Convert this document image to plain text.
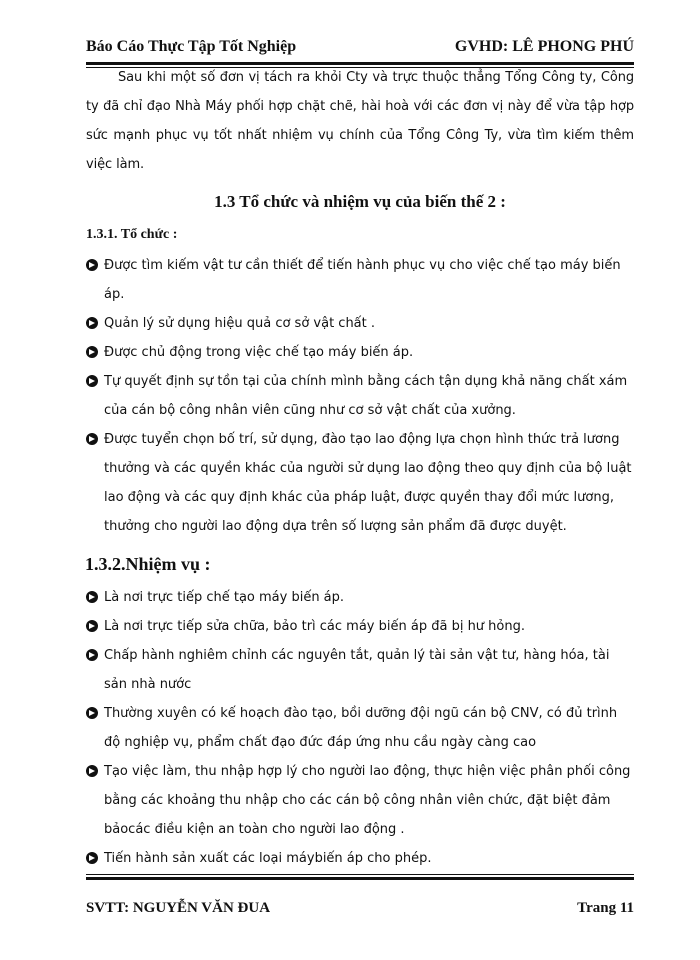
Báo Cáo Thực Tập Tốt Nghiệp	GVHD: LÊ PHONG PHÚ

Sau khi một số đơn vị tách ra khỏi Cty và trực thuộc thẳng Tổng Công ty, Công ty đã chỉ đạo Nhà Máy phối hợp chặt chẽ, hài hoà với các đơn vị này để vừa tập hợp sức mạnh phục vụ tốt nhất nhiệm vụ chính của Tổng Công Ty, vừa tìm kiếm thêm việc làm.

1.3 Tổ chức và nhiệm vụ của biến thế 2 :
1.3.1. Tổ chức :

Được tìm kiếm vật tư cần thiết để tiến hành phục vụ cho việc chế tạo máy biến áp.

Quản lý sử dụng hiệu quả cơ sở vật chất .

Được chủ động trong việc chế tạo máy biến áp.

Tự quyết định sự tồn tại của chính mình bằng cách tận dụng khả năng chất xám của cán bộ công nhân viên cũng như cơ sở vật chất của xưởng.

Được tuyển chọn bố trí, sử dụng, đào tạo lao động lựa chọn hình thức trả lương thưởng và các quyền khác của người sử dụng lao động theo quy định của bộ luật lao động và các quy định khác của pháp luật, được quyền thay đổi mức lương, thưởng cho người lao động dựa trên số lượng sản phẩm đã được duyệt.

1.3.2.Nhiệm vụ :

Là nơi trực tiếp chế tạo máy biến áp.

Là nơi trực tiếp sửa chữa, bảo trì các máy biến áp đã bị hư hỏng.

Chấp hành nghiêm chỉnh các nguyên tắt, quản lý tài sản vật tư, hàng hóa, tài sản nhà nước

Thường xuyên có kế hoạch đào tạo, bồi dưỡng đội ngũ cán bộ CNV, có đủ trình độ nghiệp vụ, phẩm chất đạo đức đáp ứng nhu cầu ngày càng cao

Tạo việc làm, thu nhập hợp lý cho người lao động, thực hiện việc phân phối công bằng các khoảng thu nhập cho các cán bộ công nhân viên chức, đặt biệt đảm bảocác điều kiện an toàn cho người lao động .

Tiến hành sản xuất các loại máybiến áp cho phép.

SVTT: NGUYỄN VĂN ĐUA	Trang 11
